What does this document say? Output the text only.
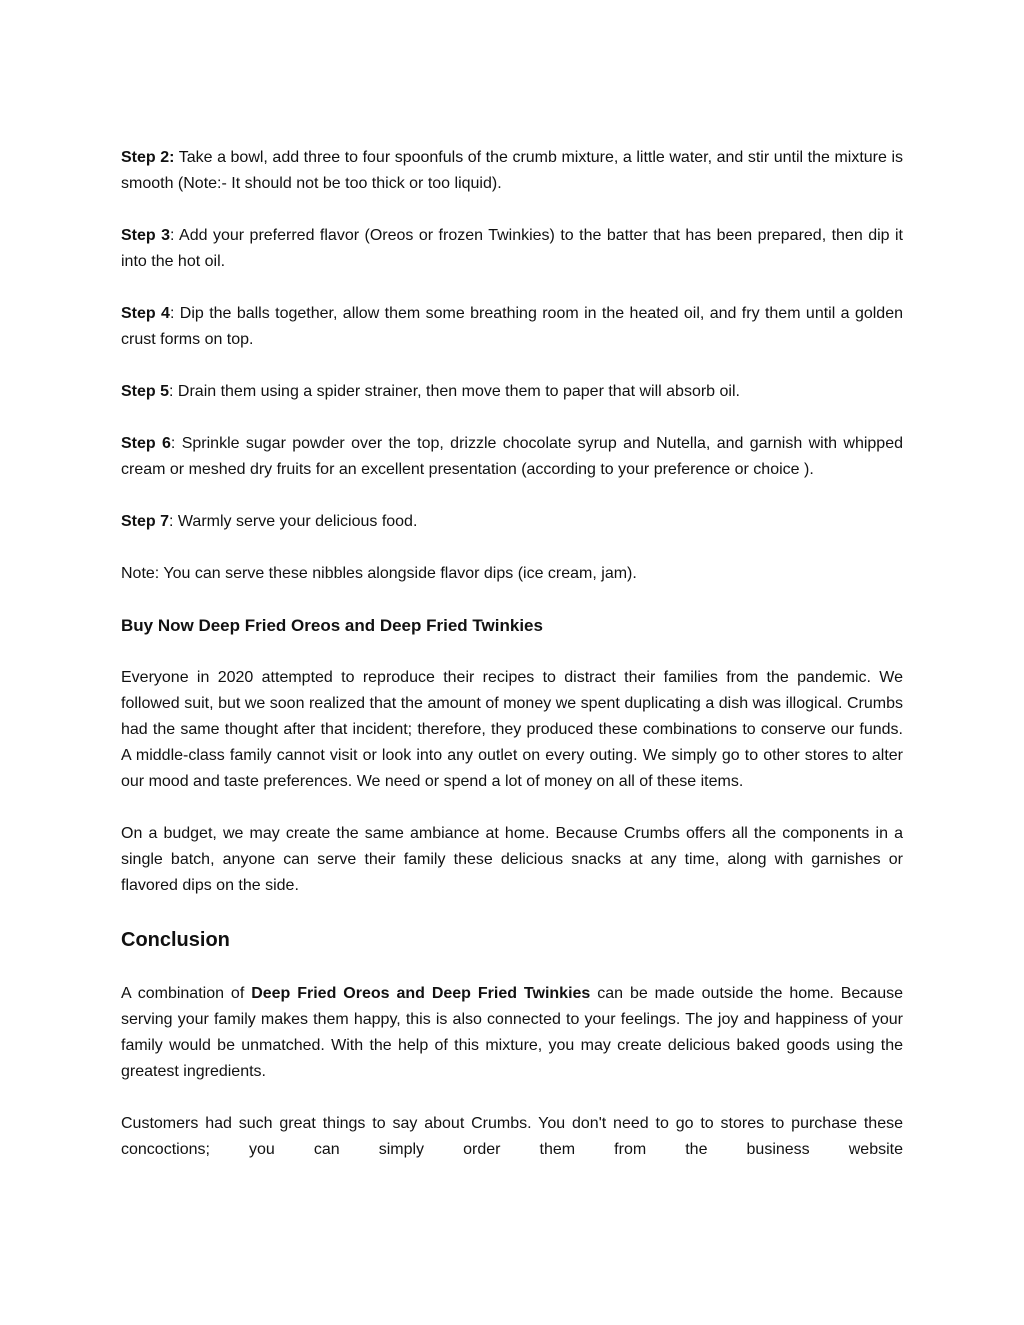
Step 2: Take a bowl, add three to four spoonfuls of the crumb mixture, a little water, and stir until the mixture is smooth (Note:- It should not be too thick or too liquid).

Step 3: Add your preferred flavor (Oreos or frozen Twinkies) to the batter that has been prepared, then dip it into the hot oil.

Step 4: Dip the balls together, allow them some breathing room in the heated oil, and fry them until a golden crust forms on top.

Step 5: Drain them using a spider strainer, then move them to paper that will absorb oil.

Step 6: Sprinkle sugar powder over the top, drizzle chocolate syrup and Nutella, and garnish with whipped cream or meshed dry fruits for an excellent presentation (according to your preference or choice ).

Step 7: Warmly serve your delicious food.

Note: You can serve these nibbles alongside flavor dips (ice cream, jam).

Buy Now Deep Fried Oreos and Deep Fried Twinkies

Everyone in 2020 attempted to reproduce their recipes to distract their families from the pandemic. We followed suit, but we soon realized that the amount of money we spent duplicating a dish was illogical. Crumbs had the same thought after that incident; therefore, they produced these combinations to conserve our funds. A middle-class family cannot visit or look into any outlet on every outing. We simply go to other stores to alter our mood and taste preferences. We need or spend a lot of money on all of these items.

On a budget, we may create the same ambiance at home. Because Crumbs offers all the components in a single batch, anyone can serve their family these delicious snacks at any time, along with garnishes or flavored dips on the side.

Conclusion

A combination of Deep Fried Oreos and Deep Fried Twinkies can be made outside the home. Because serving your family makes them happy, this is also connected to your feelings. The joy and happiness of your family would be unmatched. With the help of this mixture, you may create delicious baked goods using the greatest ingredients.

Customers had such great things to say about Crumbs. You don't need to go to stores to purchase these concoctions; you can simply order them from the business website
